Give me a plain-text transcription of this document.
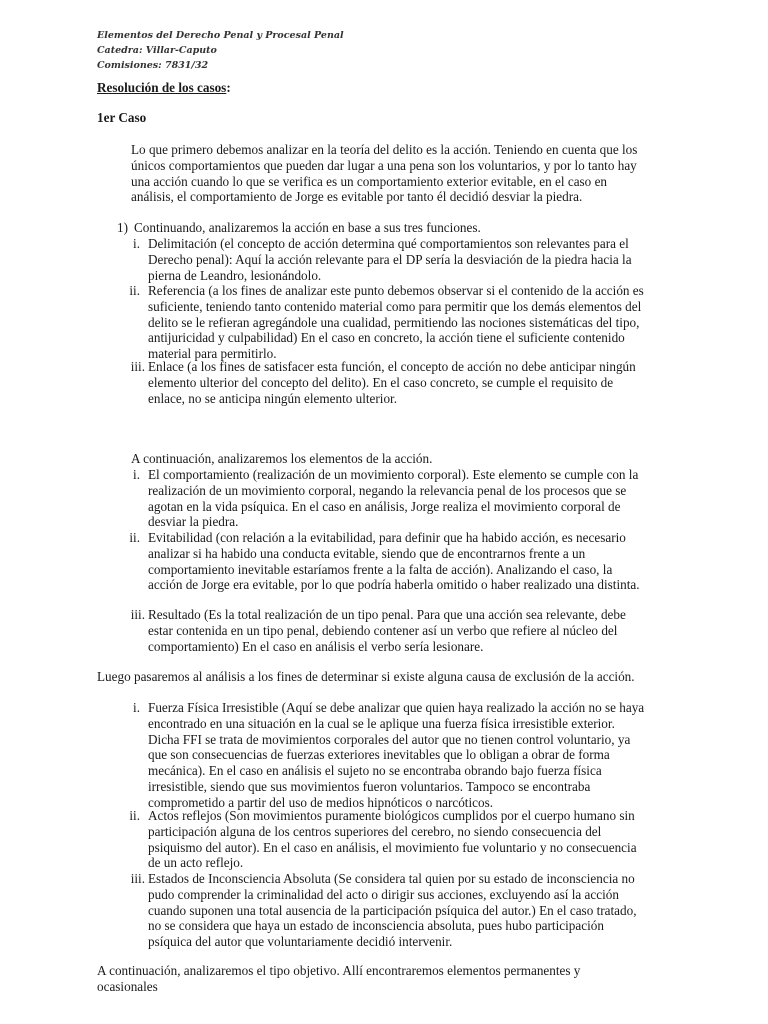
Elementos del Derecho Penal y Procesal Penal
Catedra: Villar-Caputo
Comisiones: 7831/32
Resolución de los casos:
1er Caso
Lo que primero debemos analizar en la teoría del delito es la acción. Teniendo en cuenta que los únicos comportamientos que pueden dar lugar a una pena son los voluntarios, y por lo tanto hay una acción cuando lo que se verifica es un comportamiento exterior evitable, en el caso en análisis, el comportamiento de Jorge es evitable por tanto él decidió desviar la piedra.
1) Continuando, analizaremos la acción en base a sus tres funciones.
i. Delimitación (el concepto de acción determina qué comportamientos son relevantes para el Derecho penal): Aquí la acción relevante para el DP sería la desviación de la piedra hacia la pierna de Leandro, lesionándolo.
ii. Referencia (a los fines de analizar este punto debemos observar si el contenido de la acción es suficiente, teniendo tanto contenido material como para permitir que los demás elementos del delito se le refieran agregándole una cualidad, permitiendo las nociones sistemáticas del tipo, antijuricidad y culpabilidad) En el caso en concreto, la acción tiene el suficiente contenido material para permitirlo.
iii. Enlace (a los fines de satisfacer esta función, el concepto de acción no debe anticipar ningún elemento ulterior del concepto del delito). En el caso concreto, se cumple el requisito de enlace, no se anticipa ningún elemento ulterior.
A continuación, analizaremos los elementos de la acción.
i. El comportamiento (realización de un movimiento corporal). Este elemento se cumple con la realización de un movimiento corporal, negando la relevancia penal de los procesos que se agotan en la vida psíquica. En el caso en análisis, Jorge realiza el movimiento corporal de desviar la piedra.
ii. Evitabilidad (con relación a la evitabilidad, para definir que ha habido acción, es necesario analizar si ha habido una conducta evitable, siendo que de encontrarnos frente a un comportamiento inevitable estaríamos frente a la falta de acción). Analizando el caso, la acción de Jorge era evitable, por lo que podría haberla omitido o haber realizado una distinta.
iii. Resultado (Es la total realización de un tipo penal. Para que una acción sea relevante, debe estar contenida en un tipo penal, debiendo contener así un verbo que refiere al núcleo del comportamiento) En el caso en análisis el verbo sería lesionare.
Luego pasaremos al análisis a los fines de determinar si existe alguna causa de exclusión de la acción.
i. Fuerza Física Irresistible (Aquí se debe analizar que quien haya realizado la acción no se haya encontrado en una situación en la cual se le aplique una fuerza física irresistible exterior. Dicha FFI se trata de movimientos corporales del autor que no tienen control voluntario, ya que son consecuencias de fuerzas exteriores inevitables que lo obligan a obrar de forma mecánica). En el caso en análisis el sujeto no se encontraba obrando bajo fuerza física irresistible, siendo que sus movimientos fueron voluntarios. Tampoco se encontraba comprometido a partir del uso de medios hipnóticos o narcóticos.
ii. Actos reflejos (Son movimientos puramente biológicos cumplidos por el cuerpo humano sin participación alguna de los centros superiores del cerebro, no siendo consecuencia del psiquismo del autor). En el caso en análisis, el movimiento fue voluntario y no consecuencia de un acto reflejo.
iii. Estados de Inconsciencia Absoluta (Se considera tal quien por su estado de inconsciencia no pudo comprender la criminalidad del acto o dirigir sus acciones, excluyendo así la acción cuando suponen una total ausencia de la participación psíquica del autor.) En el caso tratado, no se considera que haya un estado de inconsciencia absoluta, pues hubo participación psíquica del autor que voluntariamente decidió intervenir.
A continuación, analizaremos el tipo objetivo. Allí encontraremos elementos permanentes y ocasionales
